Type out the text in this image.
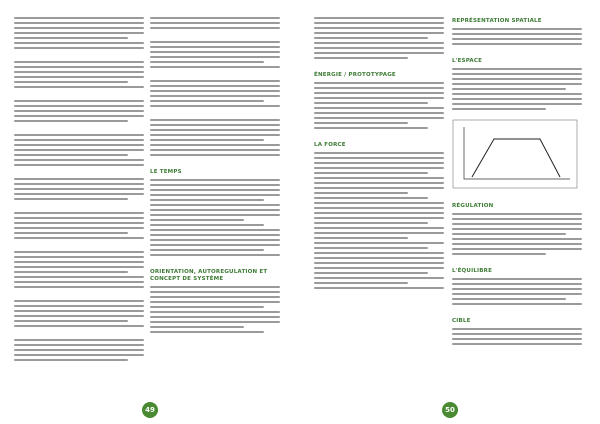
LE TEMPS
ORIENTATION, AUTOREGULATION ET CONCEPT DE SYSTÈME
49
ÉNERGIE / PROTOTYPAGE
LA FORCE
REPRÉSENTATION SPATIALE
L'ESPACE
RÉGULATION
L'ÉQUILIBRE
CIBLE
50
